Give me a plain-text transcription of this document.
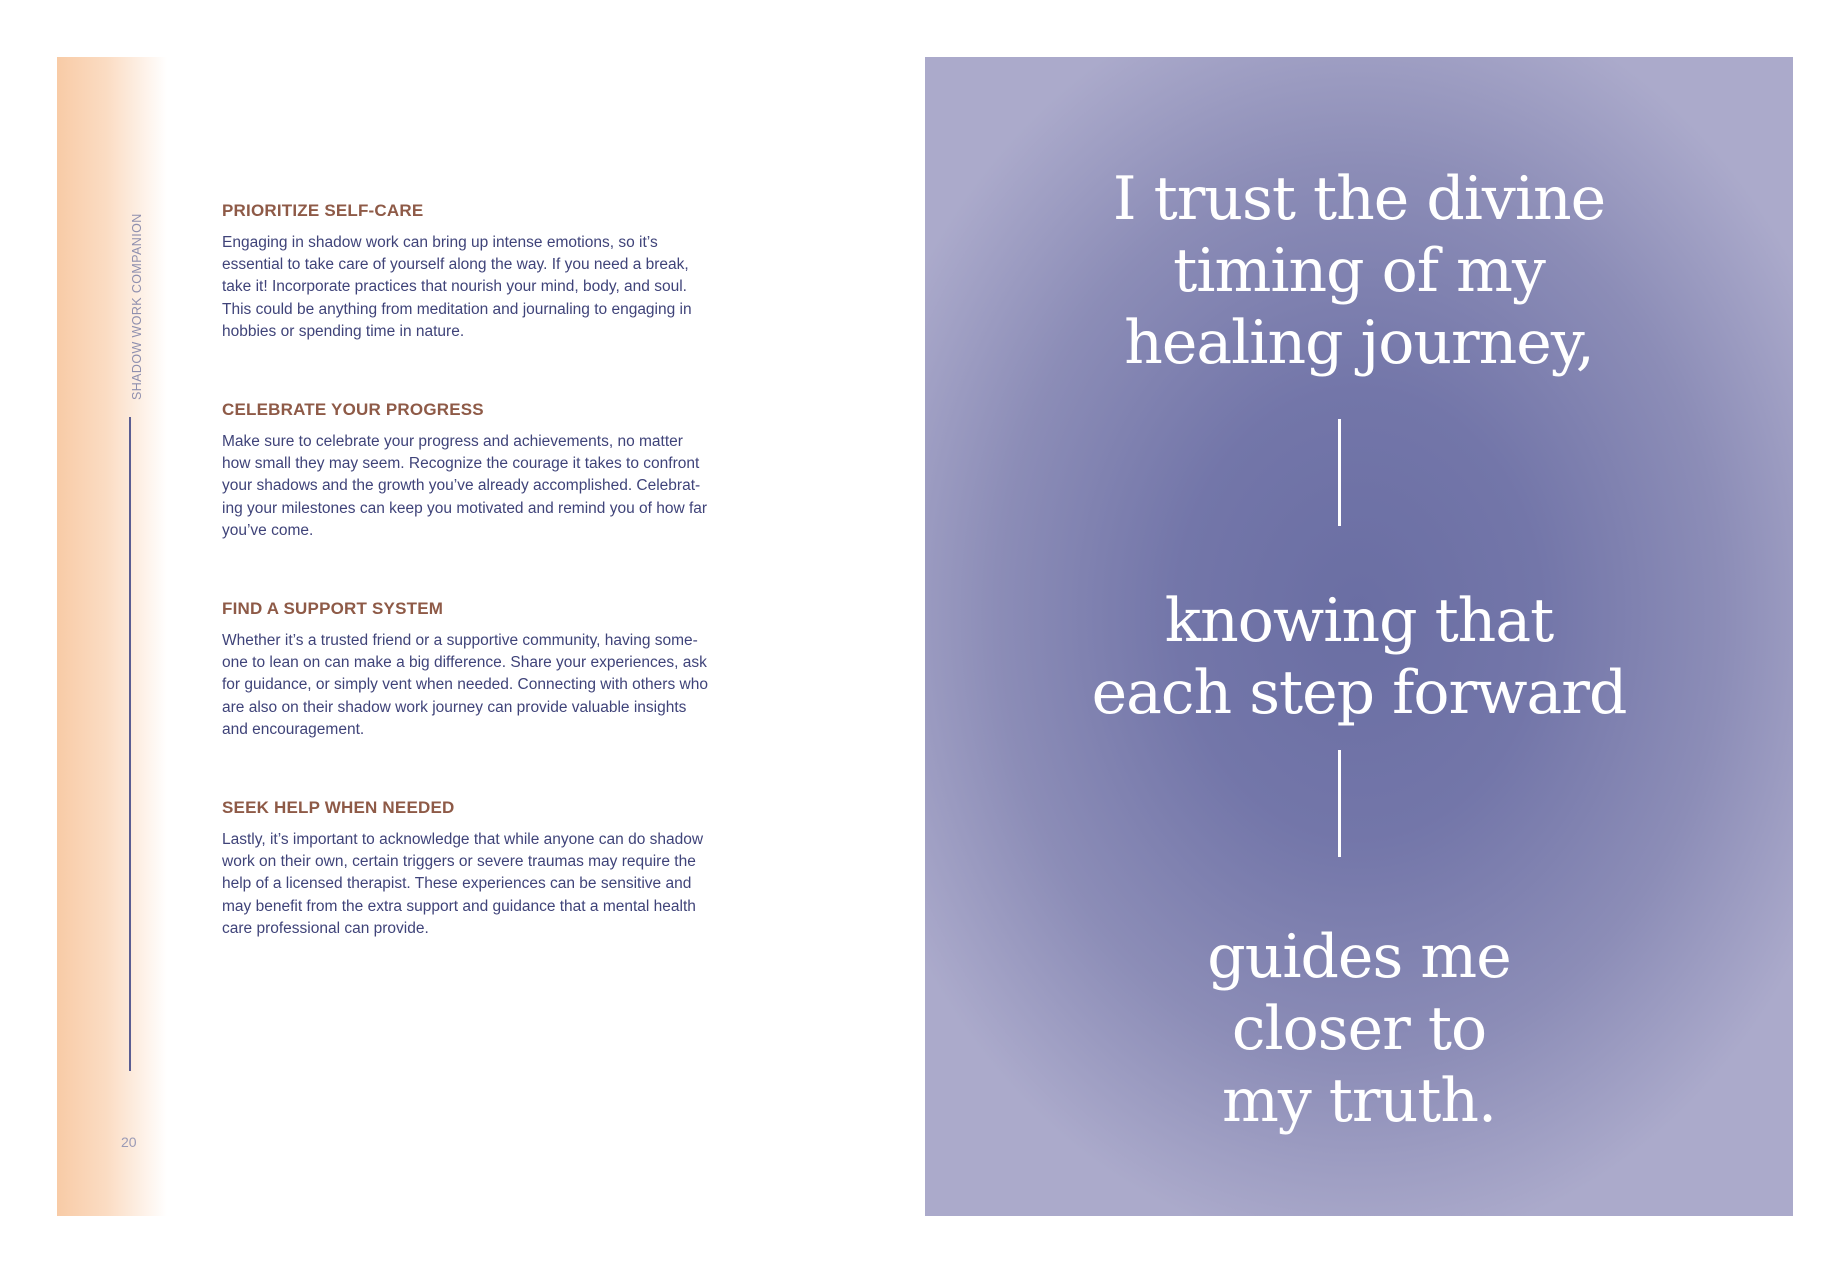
SHADOW WORK COMPANION
20
PRIORITIZE SELF-CARE

Engaging in shadow work can bring up intense emotions, so it’s
essential to take care of yourself along the way. If you need a break,
take it! Incorporate practices that nourish your mind, body, and soul.
This could be anything from meditation and journaling to engaging in
hobbies or spending time in nature.

CELEBRATE YOUR PROGRESS

Make sure to celebrate your progress and achievements, no matter
how small they may seem. Recognize the courage it takes to confront
your shadows and the growth you’ve already accomplished. Celebrat-
ing your milestones can keep you motivated and remind you of how far
you’ve come.

FIND A SUPPORT SYSTEM

Whether it’s a trusted friend or a supportive community, having some-
one to lean on can make a big difference. Share your experiences, ask
for guidance, or simply vent when needed. Connecting with others who
are also on their shadow work journey can provide valuable insights
and encouragement.

SEEK HELP WHEN NEEDED

Lastly, it’s important to acknowledge that while anyone can do shadow
work on their own, certain triggers or severe traumas may require the
help of a licensed therapist. These experiences can be sensitive and
may benefit from the extra support and guidance that a mental health
care professional can provide.

I trust the divine
timing of my
healing journey,
knowing that
each step forward
guides me
closer to
my truth.
